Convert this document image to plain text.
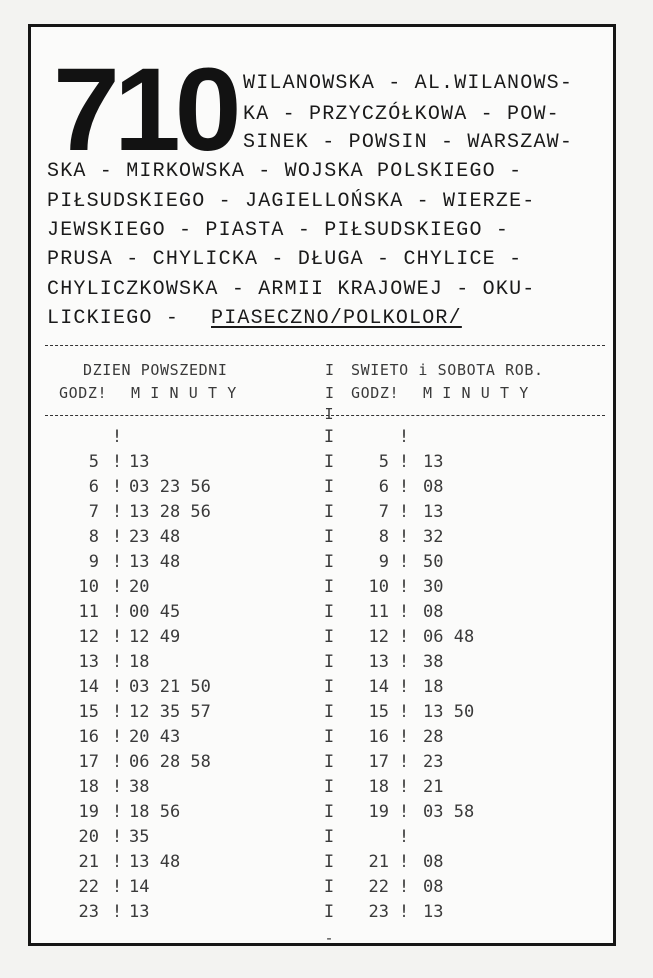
710 WILANOWSKA - AL.WILANOWS-
KA - PRZYCZÓŁKOWA - POW-
SINEK - POWSIN - WARSZAW-
SKA - MIRKOWSKA - WOJSKA POLSKIEGO -
PIŁSUDSKIEGO - JAGIELLOŃSKA - WIERZE-
JEWSKIEGO - PIASTA - PIŁSUDSKIEGO -
PRUSA - CHYLICKA - DŁUGA - CHYLICE -
CHYLICZKOWSKA - ARMII KRAJOWEJ - OKU-
LICKIEGO - PIASECZNO/POLKOLOR/
DZIEN POWSZEDNI	SWIETO i SOBOTA ROB.
I
GODZ! M I N U T Y	I GODZ! M I N U T Y
I
!	I	!
5 ! 13	I	5 ! 13
6 ! 03 23 56	I	6 ! 08
7 ! 13 28 56	I	7 ! 13
8 ! 23 48	I	8 ! 32
9 ! 13 48	I	9 ! 50
10 ! 20	I	10 ! 30
11 ! 00 45	I	11 ! 08
12 ! 12 49	I	12 ! 06 48
13 ! 18	I	13 ! 38
14 ! 03 21 50	I	14 ! 18
15 ! 12 35 57	I	15 ! 13 50
16 ! 20 43	I	16 ! 28
17 ! 06 28 58	I	17 ! 23
18 ! 38	I	18 ! 21
19 ! 18 56	I	19 ! 03 58
20 ! 35	I	!
21 ! 13 48	I	21 ! 08
22 ! 14	I	22 ! 08
23 ! 13	I	23 ! 13
-
